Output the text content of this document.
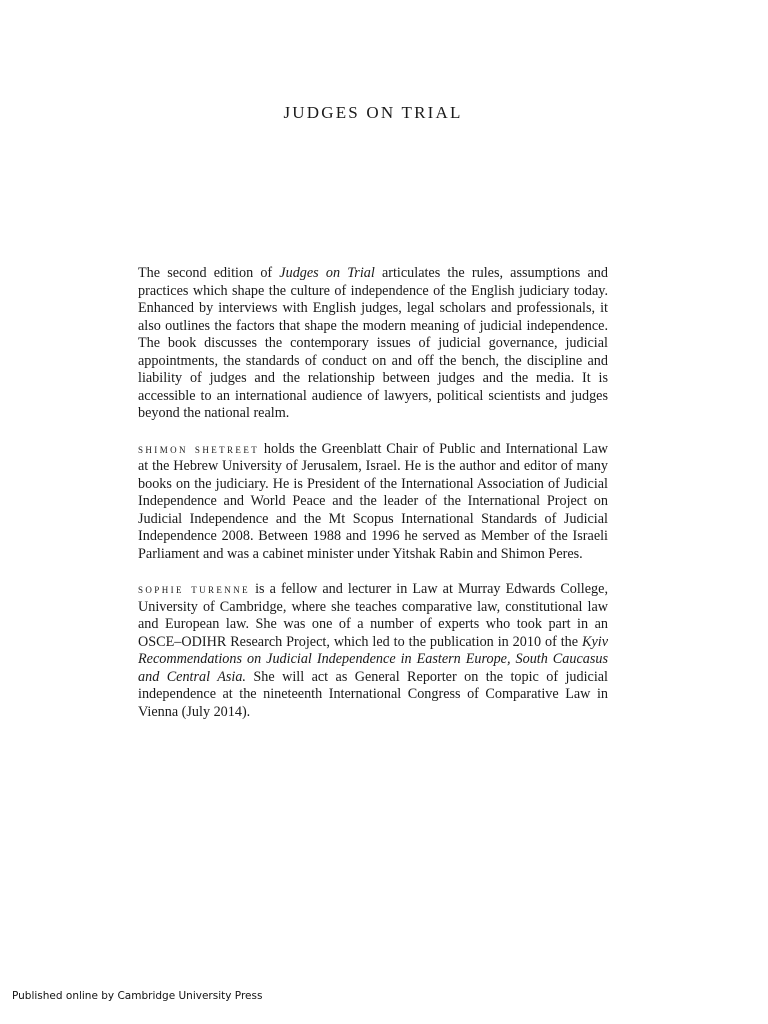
JUDGES ON TRIAL

The second edition of Judges on Trial articulates the rules, assumptions and practices which shape the culture of independence of the English judiciary today. Enhanced by interviews with English judges, legal scholars and professionals, it also outlines the factors that shape the modern meaning of judicial independence. The book discusses the contemporary issues of judicial governance, judicial appointments, the standards of conduct on and off the bench, the discipline and liability of judges and the relationship between judges and the media. It is accessible to an international audience of lawyers, political scientists and judges beyond the national realm.

shimon shetreet holds the Greenblatt Chair of Public and International Law at the Hebrew University of Jerusalem, Israel. He is the author and editor of many books on the judiciary. He is President of the International Association of Judicial Independence and World Peace and the leader of the International Project on Judicial Independence and the Mt Scopus International Standards of Judicial Independence 2008. Between 1988 and 1996 he served as Member of the Israeli Parliament and was a cabinet minister under Yitshak Rabin and Shimon Peres.

sophie turenne is a fellow and lecturer in Law at Murray Edwards College, University of Cambridge, where she teaches comparative law, constitutional law and European law. She was one of a number of experts who took part in an OSCE–ODIHR Research Project, which led to the publication in 2010 of the Kyiv Recommendations on Judicial Independence in Eastern Europe, South Caucasus and Central Asia. She will act as General Reporter on the topic of judicial independence at the nineteenth International Congress of Comparative Law in Vienna (July 2014).

Published online by Cambridge University Press
